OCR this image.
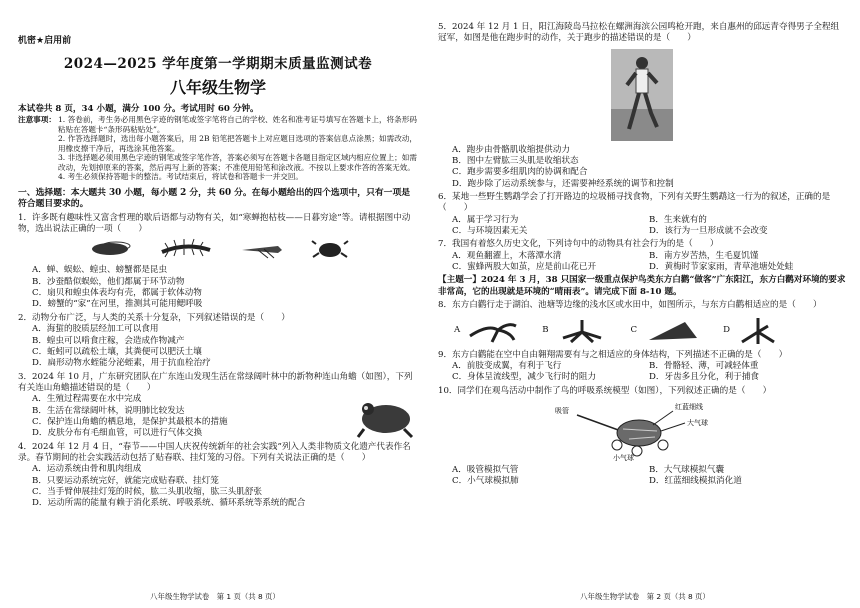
机密★启用前
2024—2025 学年度第一学期期末质量监测试卷
八年级生物学
本试卷共 8 页，34 小题，满分 100 分。考试用时 60 分钟。
注意事项： 1. 答卷前，考生务必用黑色字迹的钢笔或签字笔将自己的学校、姓名和准考证号填写在答题卡上，将条形码粘贴在答题卡“条形码粘贴处”。
2. 作答选择题时，选出每小题答案后，用 2B 铅笔把答题卡上对应题目选项的答案信息点涂黑；如需改动，用橡皮擦干净后，再选涂其他答案。
3. 非选择题必须用黑色字迹的钢笔或签字笔作答，答案必须写在答题卡各题目指定区域内相应位置上；如需改动，先划掉原来的答案，然后再写上新的答案；不准使用铅笔和涂改液。不按以上要求作答的答案无效。
4. 考生必须保持答题卡的整洁。考试结束后，将试卷和答题卡一并交回。
一、选择题：本大题共 30 小题，每小题 2 分，共 60 分。在每小题给出的四个选项中，只有一项是符合题目要求的。
1．许多既有趣味性又富含哲理的歇后语都与动物有关，如“寒蝉抱枯枝——日暮穷途”等。请根据图中动物，选出说法正确的一项（　　）
A．蝉、蜈蚣、蝗虫、螃蟹都是昆虫
B．沙蚕酷似蜈蚣，他们都属于环节动物
C．扇贝和蝗虫体表均有壳，都属于软体动物
D．螃蟹的“家”在河里，推测其可能用鳃呼吸
2．动物分布广泛，与人类的关系十分复杂，下列叙述错误的是（　　）
A．海蜇的胶质层经加工可以食用
B．蝗虫可以啃食庄稼，会造成作物减产
C．蚯蚓可以疏松土壤，其粪便可以肥沃土壤
D．扁形动物水蛭能分泌蛭素，用于抗血栓治疗
3．2024 年 10 月，广东研究团队在广东连山发现生活在常绿阔叶林中的新物种连山角蟾（如图），下列有关连山角蟾描述错误的是（　　）
A．生殖过程需要在水中完成
B．生活在常绿阔叶林，说明肺比较发达
C．保护连山角蟾的栖息地，是保护其最根本的措施
D．皮肤分布有毛细血管，可以进行气体交换
4．2024 年 12 月 4 日，“春节——中国人庆祝传统新年的社会实践”列入人类非物质文化遗产代表作名录。春节期间的社会实践活动包括了贴春联、挂灯笼的习俗。下列有关说法正确的是（　　）
A．运动系统由骨和肌肉组成
B．只要运动系统完好，就能完成贴春联、挂灯笼
C．当手臂伸展挂灯笼的时候，肱二头肌收缩，肱三头肌舒张
D．运动所需的能量有赖于消化系统、呼吸系统、循环系统等系统的配合
八年级生物学试卷　第 1 页（共 8 页）
5．2024 年 12 月 1 日，阳江海陵岛马拉松在螺洲海滨公园鸣枪开跑，来自惠州的邱远青夺得男子全程组冠军，如图是他在跑步时的动作，关于跑步的描述错误的是（　　）
A．跑步由骨骼肌收缩提供动力
B．图中左臂肱三头肌是收缩状态
C．跑步需要多组肌肉的协调和配合
D．跑步除了运动系统参与，还需要神经系统的调节和控制
6．某地一些野生鹦鹉学会了打开路边的垃圾桶寻找食物，下列有关野生鹦鹉这一行为的叙述，正确的是（　　）
A．属于学习行为	B．生来就有的
C．与环境因素无关	D．该行为一旦形成就不会改变
7．我国有着悠久历史文化，下列诗句中的动物具有社会行为的是（　　）
A．观鱼翻濯上，木落潭水清	B．南方岁苦热，生毛夏饥馑
C．蜜蜂两股大如茧，应是前山花已开	D．黄梅时节家家雨，青草池塘处处蛙
【主题一】2024 年 3 月，38 只国家一级重点保护鸟类东方白鹳“做客”广东阳江，东方白鹳对环境的要求非常高，它的出现就是环境的“晴雨表”。请完成下面 8-10 题。
8．东方白鹳行走于湖泊、池塘等边缘的浅水区或水田中，如图所示，与东方白鹳相适应的是（　　）
A	B	C	D
9．东方白鹳能在空中自由翱翔需要有与之相适应的身体结构，下列描述不正确的是（　　）
A．前肢变成翼，有利于飞行	B．骨骼轻、薄，可减轻体重
C．身体呈流线型，减少飞行时的阻力	D．牙齿多且分化，利于捕食
10．同学们在观鸟活动中制作了鸟的呼吸系统模型（如图），下列叙述正确的是（　　）
吸管	红蓝细线
大气球
小气球
A．吸管模拟气管	B．大气球模拟气囊
C．小气球模拟肺	D．红蓝细线模拟消化道
八年级生物学试卷　第 2 页（共 8 页）
